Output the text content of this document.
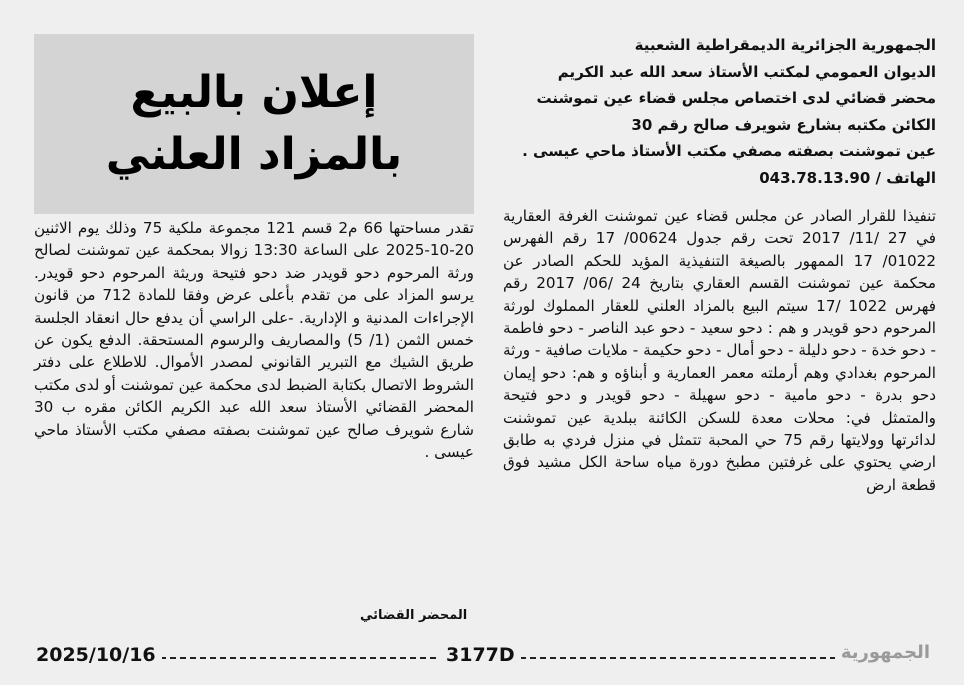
الجمهورية الجزائرية الديمقراطية الشعبية
الديوان العمومي لمكتب الأستاذ سعد الله عبد الكريم
محضر قضائي لدى اختصاص مجلس قضاء عين تموشنت
الكائن مكتبه بشارع شويرف صالح رقم 30
عين تموشنت بصفته مصفي مكتب الأستاذ ماحي عيسى .
الهاتف / 043.78.13.90
تنفيذا للقرار الصادر عن مجلس قضاء عين تموشنت الغرفة العقارية في 27 /11/ 2017 تحت رقم جدول 00624/ 17 رقم الفهرس 01022/ 17 الممهور بالصيغة التنفيذية المؤيد للحكم الصادر عن محكمة عين تموشنت القسم العقاري بتاريخ 24 /06/ 2017 رقم فهرس 1022 /17 سيتم البيع بالمزاد العلني للعقار المملوك لورثة المرحوم دحو قويدر و هم : دحو سعيد - دحو عبد الناصر - دحو فاطمة - دحو خدة - دحو دليلة - دحو أمال - دحو حكيمة - ملايات صافية - ورثة المرحوم بغدادي وهم أرملته معمر العمارية و أبناؤه و هم: دحو إيمان دحو بدرة - دحو مامية - دحو سهيلة - دحو قويدر و دحو فتيحة والمتمثل في: محلات معدة للسكن الكائنة ببلدية عين تموشنت لدائرتها وولايتها رقم 75 حي المحبة تتمثل في منزل فردي به طابق ارضي يحتوي على غرفتين مطبخ دورة مياه ساحة الكل مشيد فوق قطعة ارض
إعلان بالبيع
بالمزاد العلني
تقدر مساحتها 66 م2 قسم 121 مجموعة ملكية 75 وذلك يوم الاثنين 20-10-2025 على الساعة 13:30 زوالا بمحكمة عين تموشنت لصالح ورثة المرحوم دحو قويدر ضد دحو فتيحة وريثة المرحوم دحو قويدر. يرسو المزاد على من تقدم بأعلى عرض وفقا للمادة 712 من قانون الإجراءات المدنية و الإدارية. -على الراسي أن يدفع حال انعقاد الجلسة خمس الثمن (1/ 5) والمصاريف والرسوم المستحقة. الدفع يكون عن طريق الشيك مع التبرير القانوني لمصدر الأموال. للاطلاع على دفتر الشروط الاتصال بكتابة الضبط لدى محكمة عين تموشنت أو لدى مكتب المحضر القضائي الأستاذ سعد الله عبد الكريم الكائن مقره ب 30 شارع شويرف صالح عين تموشنت بصفته مصفي مكتب الأستاذ ماحي عيسى .
المحضر القضائي
2025/10/16	3177D	الجمهورية
